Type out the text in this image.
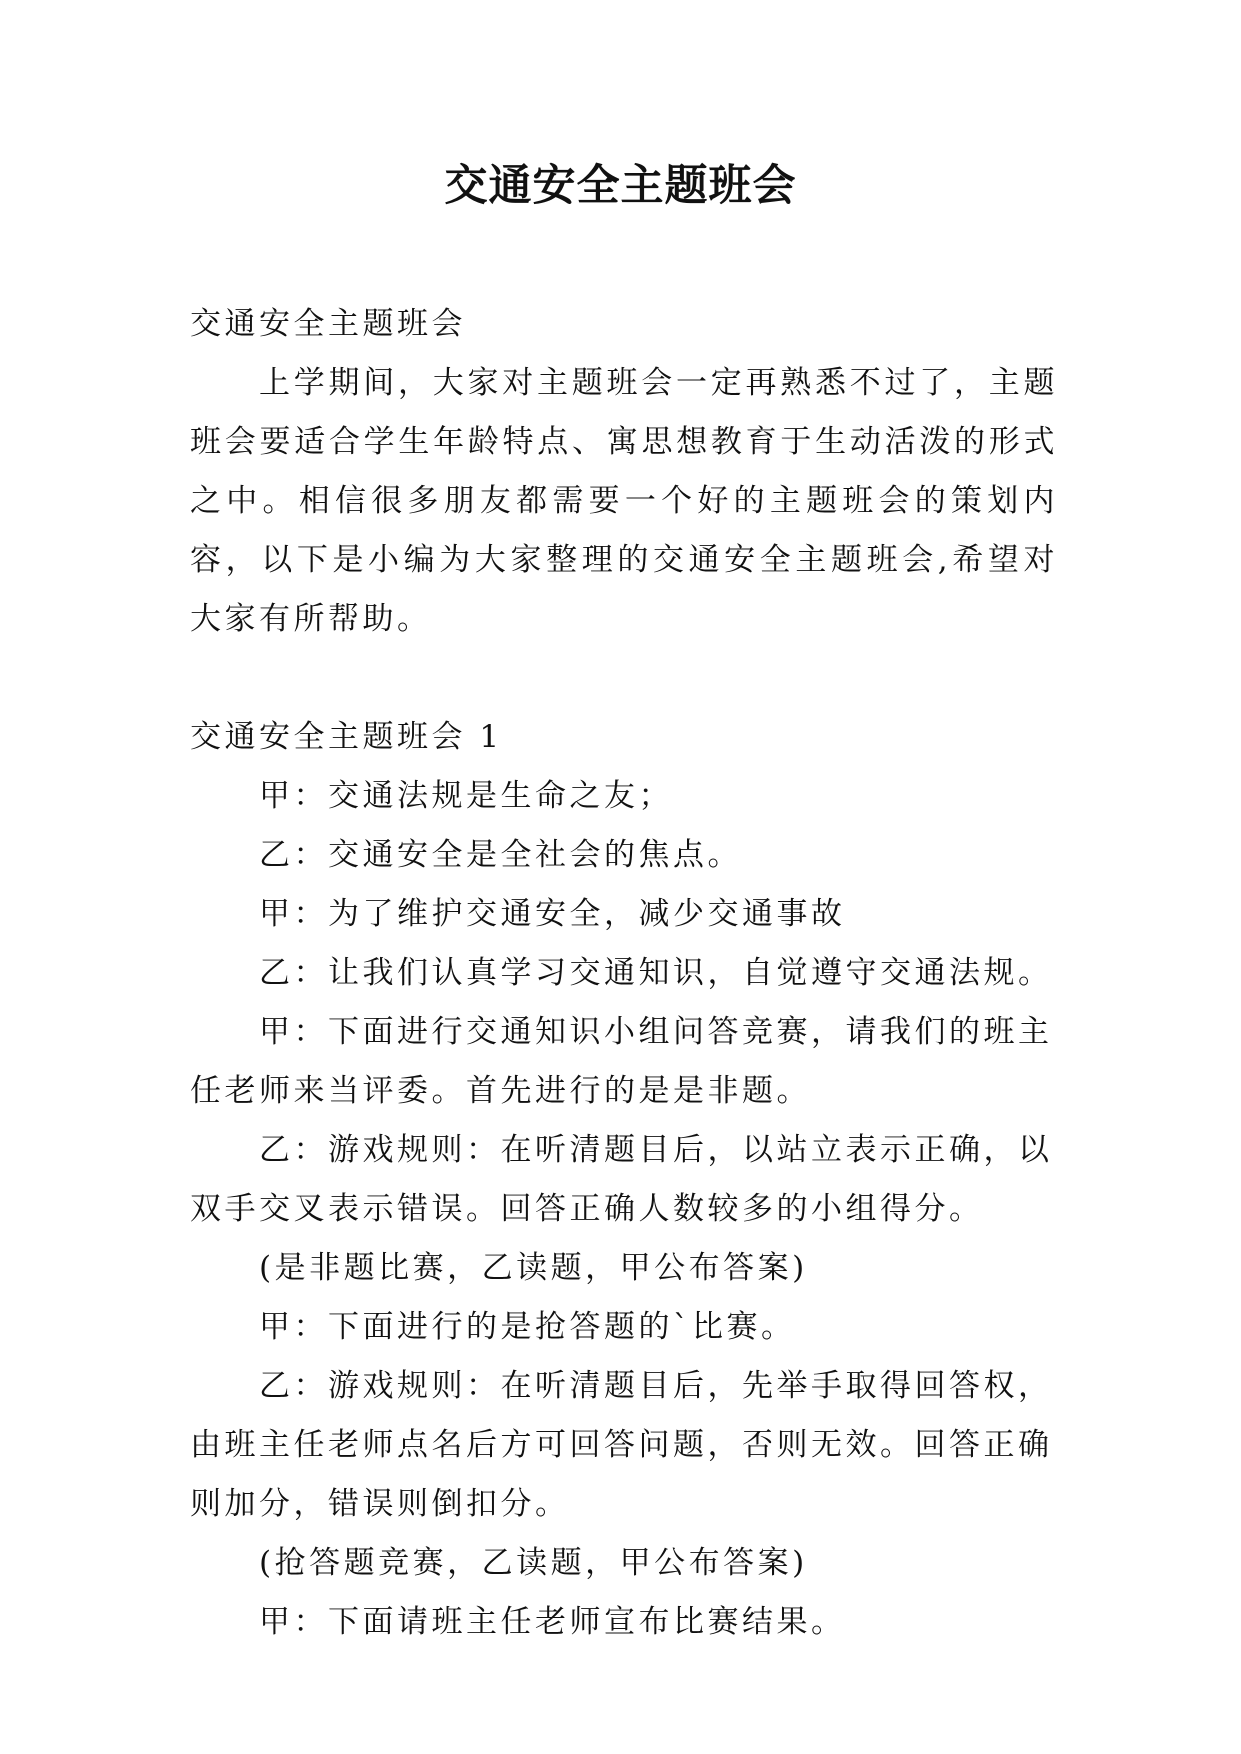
交通安全主题班会

交通安全主题班会

上学期间，大家对主题班会一定再熟悉不过了，主题班会要适合学生年龄特点、寓思想教育于生动活泼的形式之中。相信很多朋友都需要一个好的主题班会的策划内容，以下是小编为大家整理的交通安全主题班会,希望对大家有所帮助。

交通安全主题班会 1

甲：交通法规是生命之友；

乙：交通安全是全社会的焦点。

甲：为了维护交通安全，减少交通事故

乙：让我们认真学习交通知识，自觉遵守交通法规。

甲：下面进行交通知识小组问答竞赛，请我们的班主任老师来当评委。首先进行的是是非题。

乙：游戏规则：在听清题目后，以站立表示正确，以双手交叉表示错误。回答正确人数较多的小组得分。

(是非题比赛，乙读题，甲公布答案)

甲：下面进行的是抢答题的`比赛。

乙：游戏规则：在听清题目后，先举手取得回答权，由班主任老师点名后方可回答问题，否则无效。回答正确则加分，错误则倒扣分。

(抢答题竞赛，乙读题，甲公布答案)

甲：下面请班主任老师宣布比赛结果。
